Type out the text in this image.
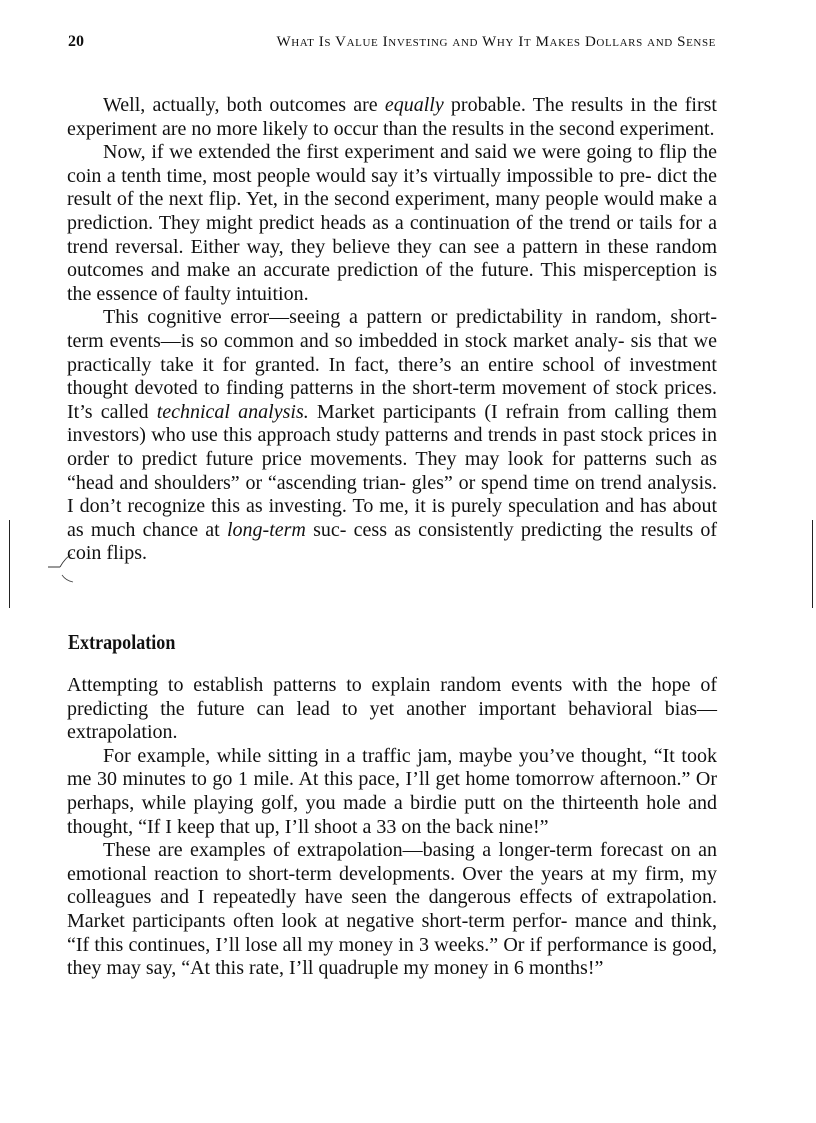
20	What Is Value Investing and Why It Makes Dollars and Sense

Well, actually, both outcomes are equally probable. The results in the first experiment are no more likely to occur than the results in the second experiment.

Now, if we extended the first experiment and said we were going to flip the coin a tenth time, most people would say it’s virtually impossible to pre- dict the result of the next flip. Yet, in the second experiment, many people would make a prediction. They might predict heads as a continuation of the trend or tails for a trend reversal. Either way, they believe they can see a pattern in these random outcomes and make an accurate prediction of the future. This misperception is the essence of faulty intuition.

This cognitive error—seeing a pattern or predictability in random, short-term events—is so common and so imbedded in stock market analy- sis that we practically take it for granted. In fact, there’s an entire school of investment thought devoted to finding patterns in the short-term movement of stock prices. It’s called technical analysis. Market participants (I refrain from calling them investors) who use this approach study patterns and trends in past stock prices in order to predict future price movements. They may look for patterns such as “head and shoulders” or “ascending trian- gles” or spend time on trend analysis. I don’t recognize this as investing. To me, it is purely speculation and has about as much chance at long-term suc- cess as consistently predicting the results of coin flips.

Extrapolation

Attempting to establish patterns to explain random events with the hope of predicting the future can lead to yet another important behavioral bias—extrapolation.

For example, while sitting in a traffic jam, maybe you’ve thought, “It took me 30 minutes to go 1 mile. At this pace, I’ll get home tomorrow afternoon.” Or perhaps, while playing golf, you made a birdie putt on the thirteenth hole and thought, “If I keep that up, I’ll shoot a 33 on the back nine!”

These are examples of extrapolation—basing a longer-term forecast on an emotional reaction to short-term developments. Over the years at my firm, my colleagues and I repeatedly have seen the dangerous effects of extrapolation. Market participants often look at negative short-term perfor- mance and think, “If this continues, I’ll lose all my money in 3 weeks.” Or if performance is good, they may say, “At this rate, I’ll quadruple my money in 6 months!”
